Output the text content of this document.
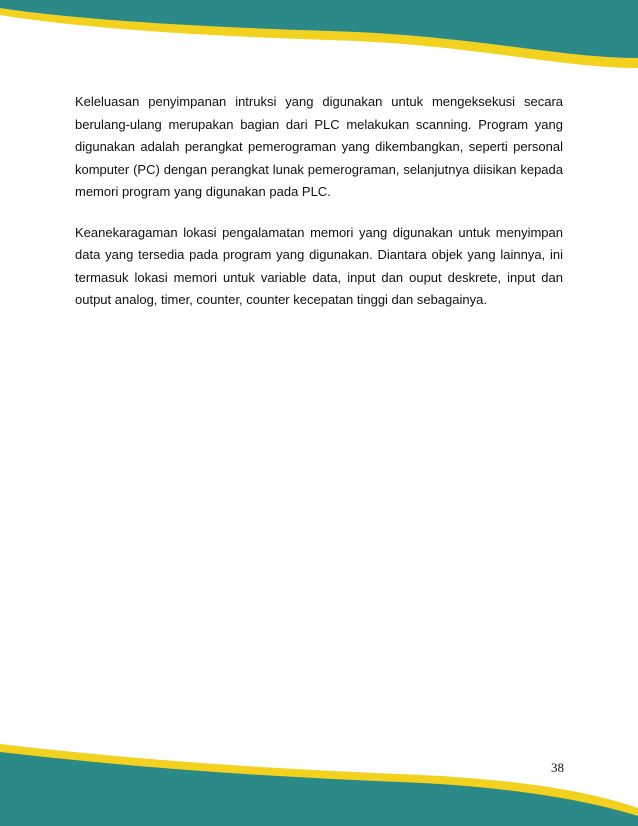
Keleluasan penyimpanan intruksi yang digunakan untuk mengeksekusi secara berulang-ulang merupakan bagian dari PLC melakukan scanning. Program yang digunakan adalah perangkat pemerograman yang dikembangkan, seperti personal komputer (PC) dengan perangkat lunak pemerograman, selanjutnya diisikan kepada memori program yang digunakan pada PLC.

Keanekaragaman lokasi pengalamatan memori yang digunakan untuk menyimpan data yang tersedia pada program yang digunakan. Diantara objek yang lainnya, ini termasuk lokasi memori untuk variable data, input dan ouput deskrete, input dan output analog, timer, counter, counter kecepatan tinggi dan sebagainya.

38
